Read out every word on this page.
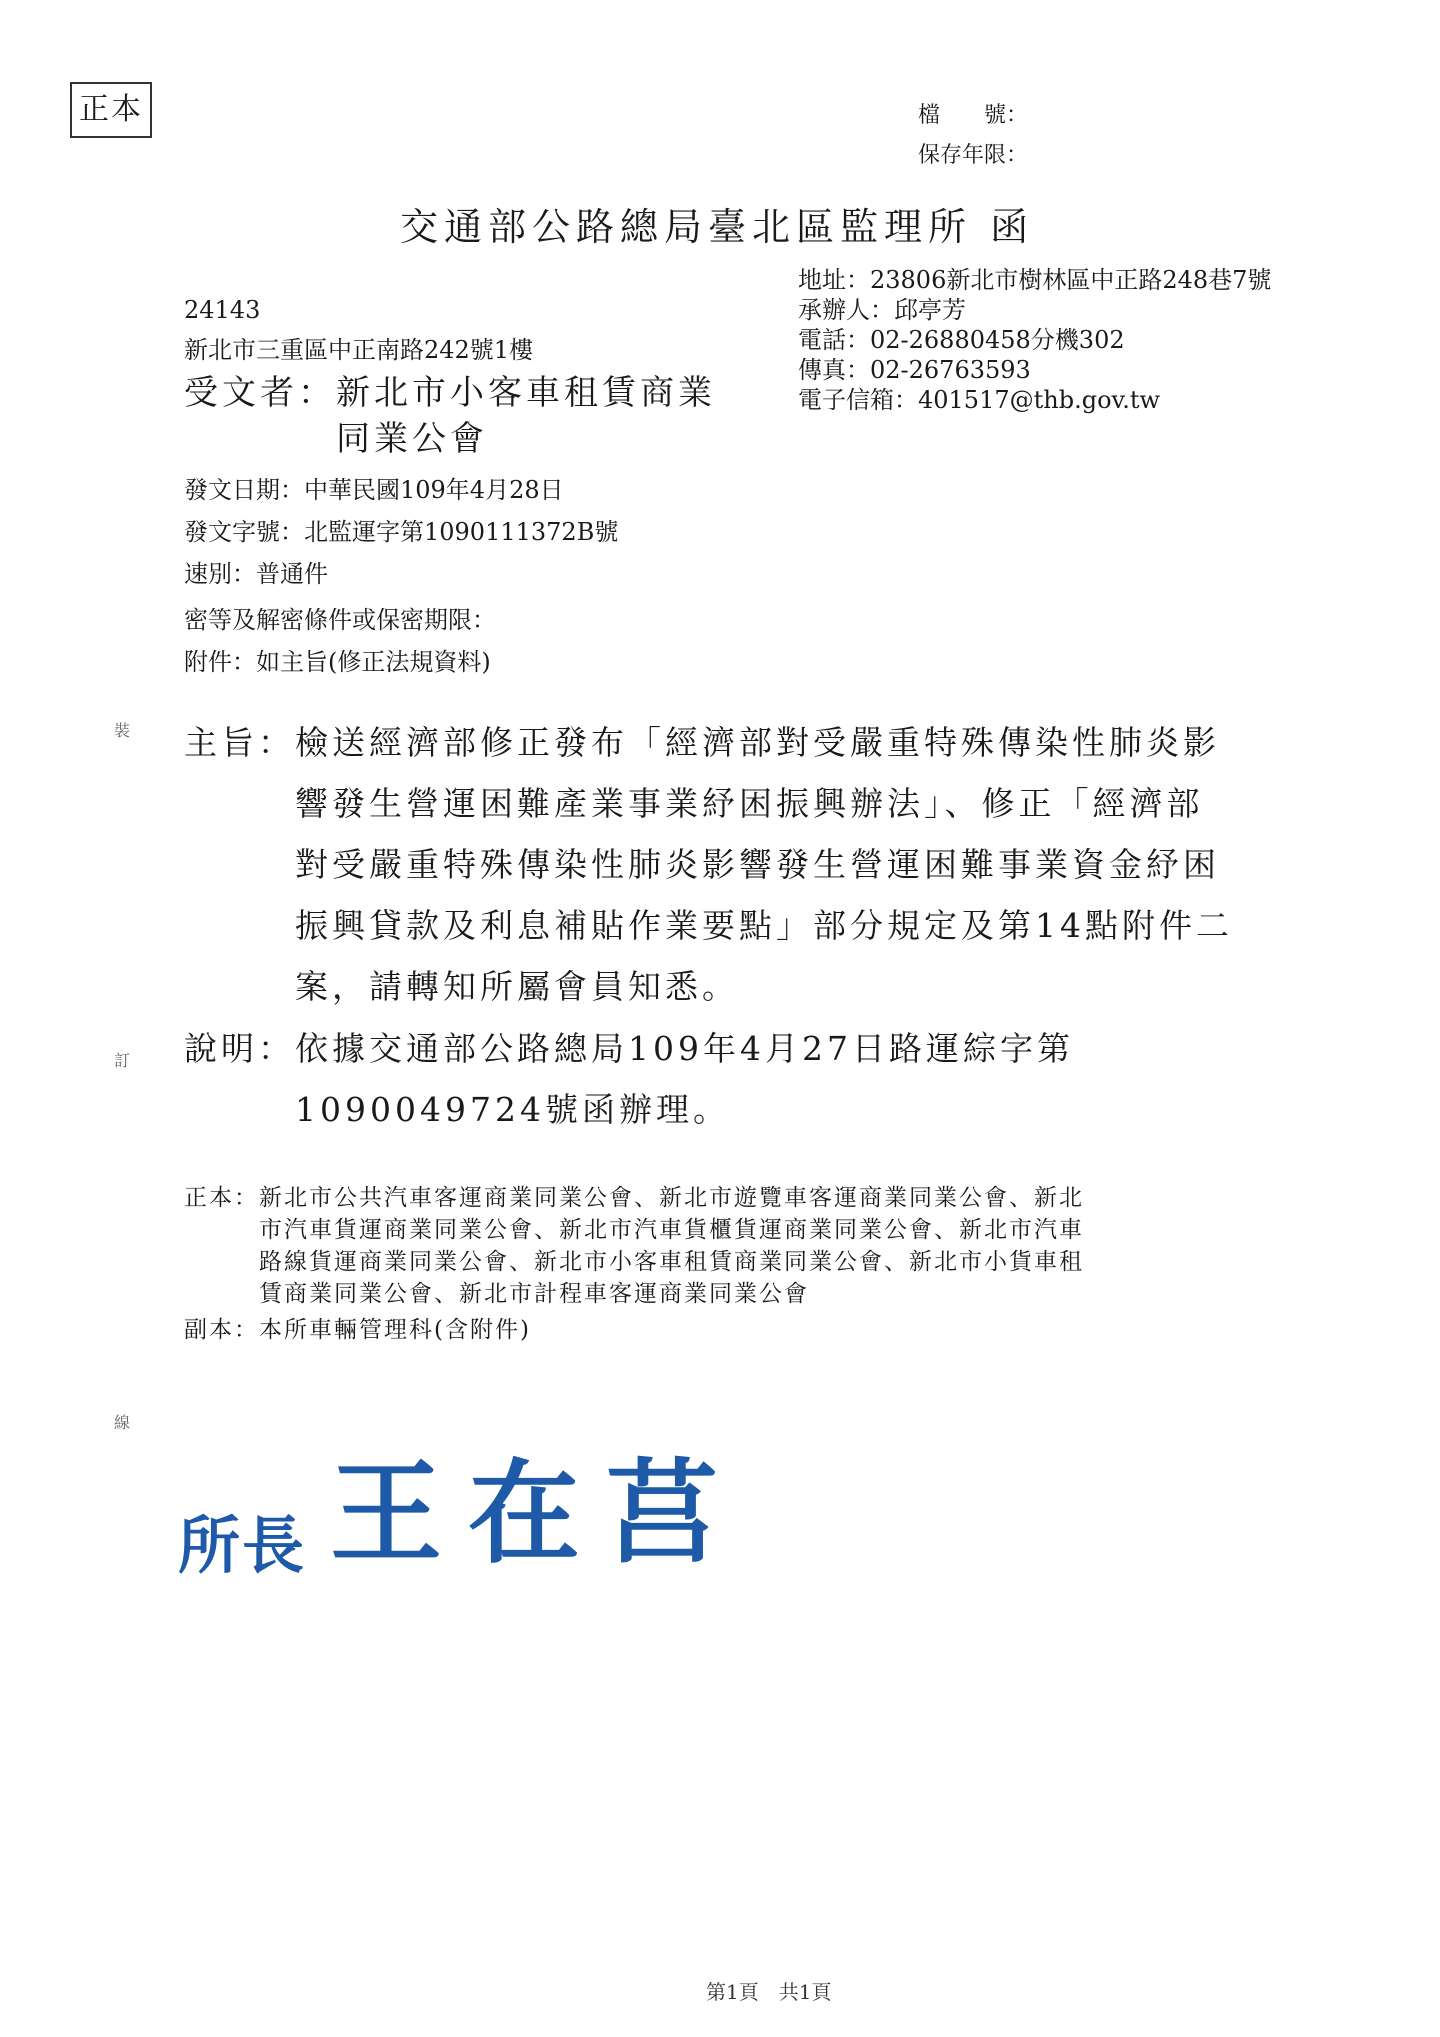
正本	檔　　號：
保存年限：
交通部公路總局臺北區監理所 函
地址：23806新北市樹林區中正路248巷7號
承辦人：邱亭芳
電話：02-26880458分機302
傳真：02-26763593
電子信箱：401517@thb.gov.tw
24143
新北市三重區中正南路242號1樓
受文者：新北市小客車租賃商業
同業公會
發文日期：中華民國109年4月28日
發文字號：北監運字第1090111372B號
速別：普通件
密等及解密條件或保密期限：
附件：如主旨(修正法規資料)
主旨：檢送經濟部修正發布「經濟部對受嚴重特殊傳染性肺炎影
響發生營運困難產業事業紓困振興辦法」、修正「經濟部
對受嚴重特殊傳染性肺炎影響發生營運困難事業資金紓困
振興貸款及利息補貼作業要點」部分規定及第14點附件二
案，請轉知所屬會員知悉。
說明：依據交通部公路總局109年4月27日路運綜字第
1090049724號函辦理。
正本：新北市公共汽車客運商業同業公會、新北市遊覽車客運商業同業公會、新北
市汽車貨運商業同業公會、新北市汽車貨櫃貨運商業同業公會、新北市汽車
路線貨運商業同業公會、新北市小客車租賃商業同業公會、新北市小貨車租
賃商業同業公會、新北市計程車客運商業同業公會
副本：本所車輛管理科(含附件)
裝
訂
線
所長 王在莒
第1頁　共1頁
